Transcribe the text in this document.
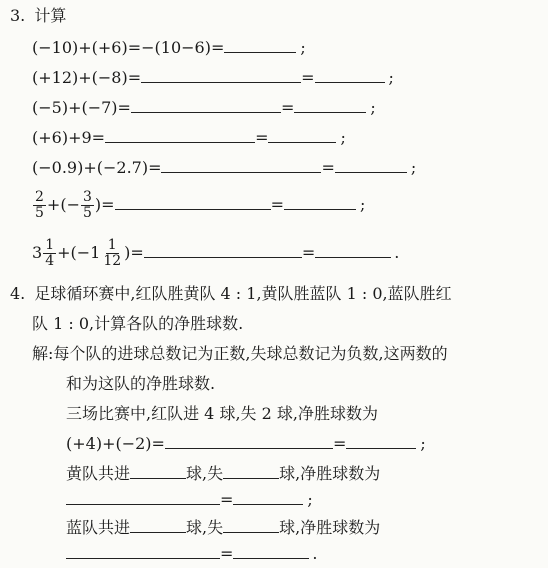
3. 计算
(−10)+(+6)=−(10−6)=	;
(+12)+(−8)=	=	;
(−5)+(−7)=	=	;
(+6)+9=	=	;
(−0.9)+(−2.7)=	=	;
$\frac{2}{5}$ +(− $\frac{3}{5}$ )=	=	;
$3 \frac{1}{4} +(-1 \frac{1}{12}$ )=	=	.
4. 足球循环赛中,红队胜黄队 4 : 1,黄队胜蓝队 1 : 0,蓝队胜红
队 1 : 0,计算各队的净胜球数.
解:每个队的进球总数记为正数,失球总数记为负数,这两数的
和为这队的净胜球数.
三场比赛中,红队进 4 球,失 2 球,净胜球数为
(+4)+(−2)=	=	;
黄队共进	球,失	球,净胜球数为
=	;
蓝队共进	球,失	球,净胜球数为
=	.
